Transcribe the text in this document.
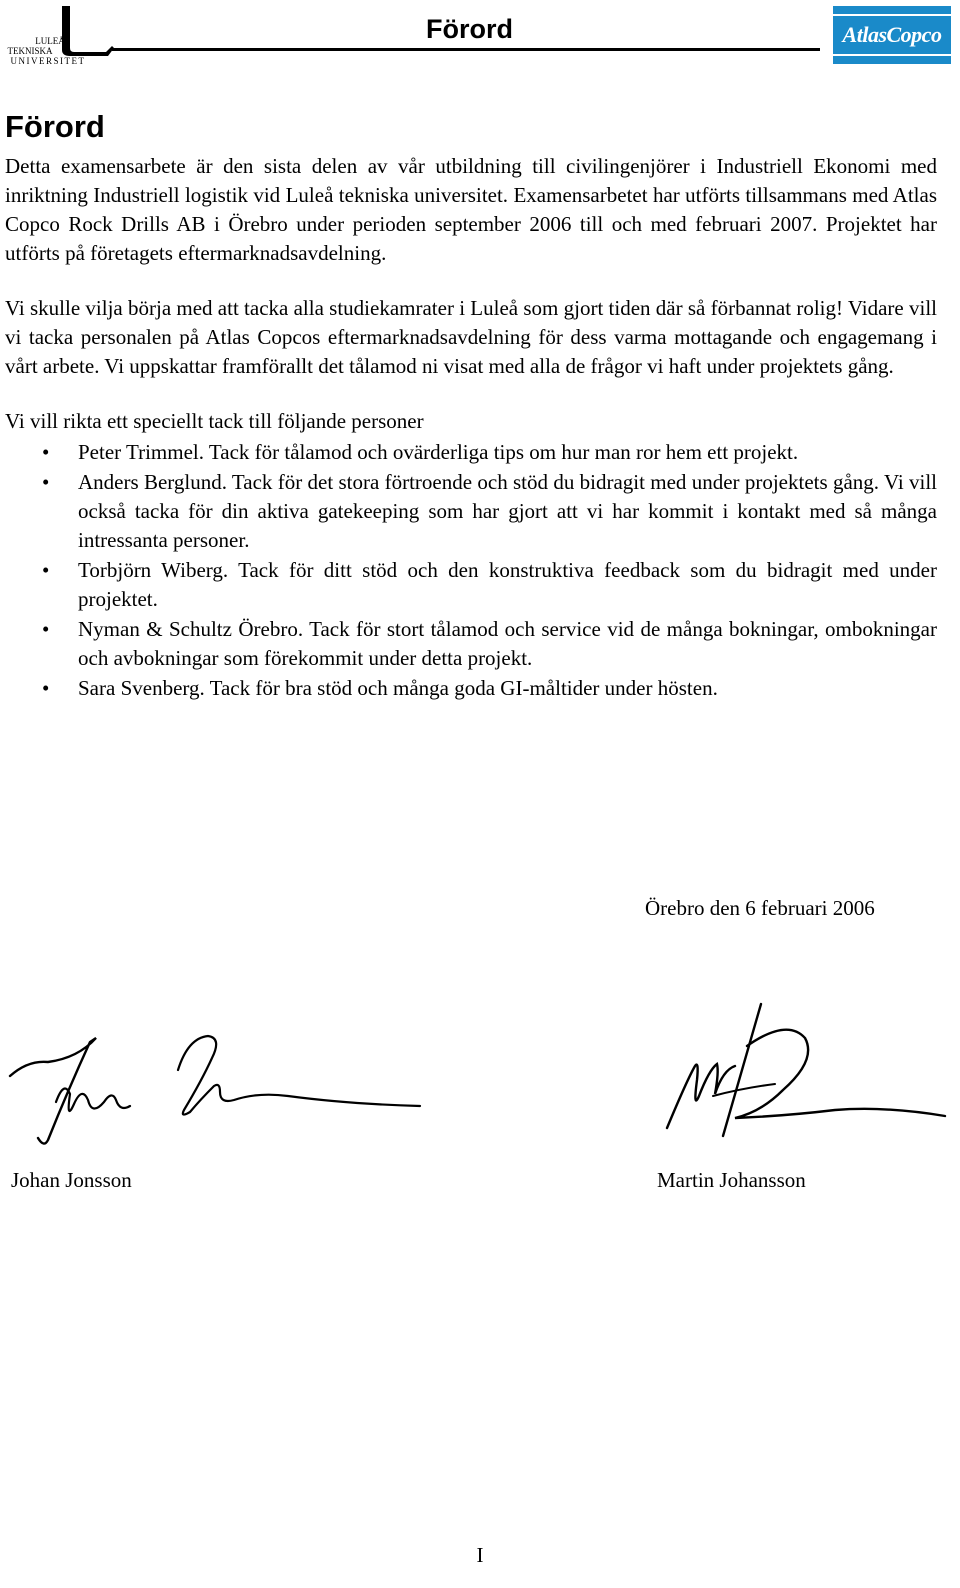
LULEÅ
TEKNISKA
UNIVERSITET
Förord	AtlasCopco
Förord

Detta examensarbete är den sista delen av vår utbildning till civilingenjörer i Industriell Ekonomi med inriktning Industriell logistik vid Luleå tekniska universitet. Examensarbetet har utförts tillsammans med Atlas Copco Rock Drills AB i Örebro under perioden september 2006 till och med februari 2007. Projektet har utförts på företagets eftermarknadsavdelning.

Vi skulle vilja börja med att tacka alla studiekamrater i Luleå som gjort tiden där så förbannat rolig! Vidare vill vi tacka personalen på Atlas Copcos eftermarknadsavdelning för dess varma mottagande och engagemang i vårt arbete. Vi uppskattar framförallt det tålamod ni visat med alla de frågor vi haft under projektets gång.

Vi vill rikta ett speciellt tack till följande personer

• Peter Trimmel. Tack för tålamod och ovärderliga tips om hur man ror hem ett projekt.
• Anders Berglund. Tack för det stora förtroende och stöd du bidragit med under projektets gång. Vi vill också tacka för din aktiva gatekeeping som har gjort att vi har kommit i kontakt med så många intressanta personer.
• Torbjörn Wiberg. Tack för ditt stöd och den konstruktiva feedback som du bidragit med under projektet.
• Nyman & Schultz Örebro. Tack för stort tålamod och service vid de många bokningar, ombokningar och avbokningar som förekommit under detta projekt.
• Sara Svenberg. Tack för bra stöd och många goda GI-måltider under hösten.
Örebro den 6 februari 2006
Johan Jonsson	Martin Johansson
I
